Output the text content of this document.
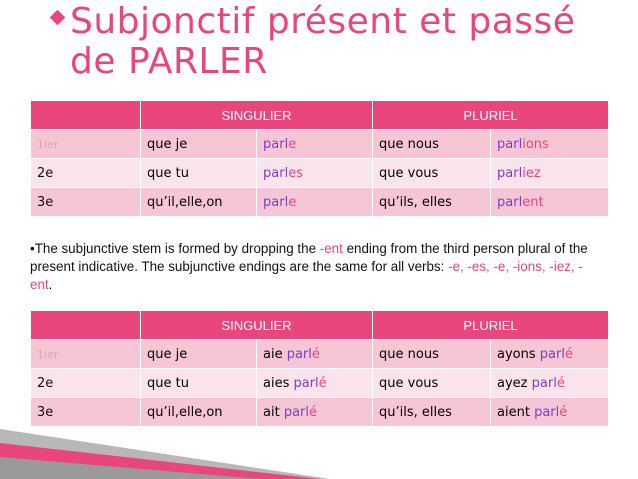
Subjonctif présent et passé
de PARLER
	SINGULIER		PLURIEL	
1ier	que je	parle	que nous	parlions
2e	que tu	parles	que vous	parliez
3e	qu’il,elle,on	parle	qu’ils, elles	parlent
•The subjunctive stem is formed by dropping the -ent ending from the third person plural of the present indicative. The subjunctive endings are the same for all verbs: -e, -es, -e, -ions, -iez, -ent.
	SINGULIER		PLURIEL	
1ier	que je	aie parlé	que nous	ayons parlé
2e	que tu	aies parlé	que vous	ayez parlé
3e	qu’il,elle,on	ait parlé	qu’ils, elles	aient parlé
